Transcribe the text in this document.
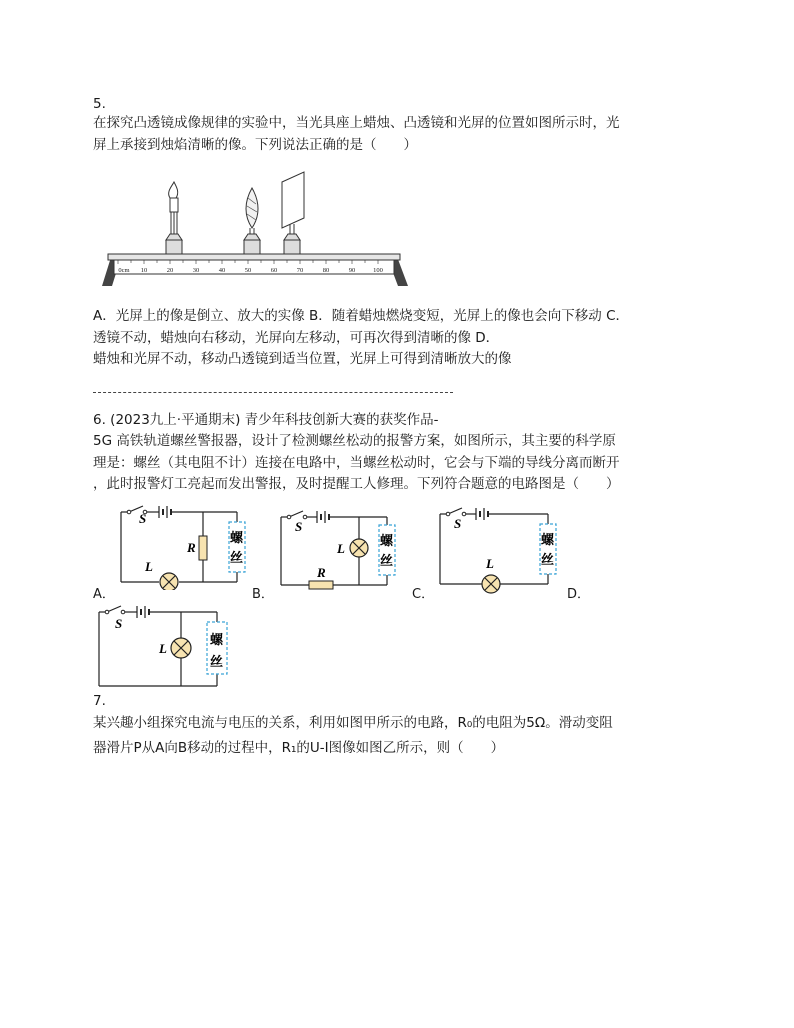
5.
在探究凸透镜成像规律的实验中，当光具座上蜡烛、凸透镜和光屏的位置如图所示时，光
屏上承接到烛焰清晰的像。下列说法正确的是（　　）
0cm 10	20	30	40	50	60	70	80	90	100
A．光屏上的像是倒立、放大的实像 B．随着蜡烛燃烧变短，光屏上的像也会向下移动 C．
透镜不动，蜡烛向右移动，光屏向左移动，可再次得到清晰的像 D．
蜡烛和光屏不动，移动凸透镜到适当位置，光屏上可得到清晰放大的像
6. (2023九上·平通期末) 青少年科技创新大赛的获奖作品-
5G 高铁轨道螺丝警报器，设计了检测螺丝松动的报警方案，如图所示，其主要的科学原
理是：螺丝（其电阻不计）连接在电路中，当螺丝松动时，它会与下端的导线分离而断开
，此时报警灯工亮起而发出警报，及时提醒工人修理。下列符合题意的电路图是（　　）
S
L
R
螺
丝
A．
S
L
R
螺
丝
B．
S
L
螺
丝
C．	D．
S
L
螺
丝
7.
某兴趣小组探究电流与电压的关系，利用如图甲所示的电路，R₀的电阻为5Ω。滑动变阻
器滑片P从A向B移动的过程中，R₁的U-I图像如图乙所示，则（　　）
